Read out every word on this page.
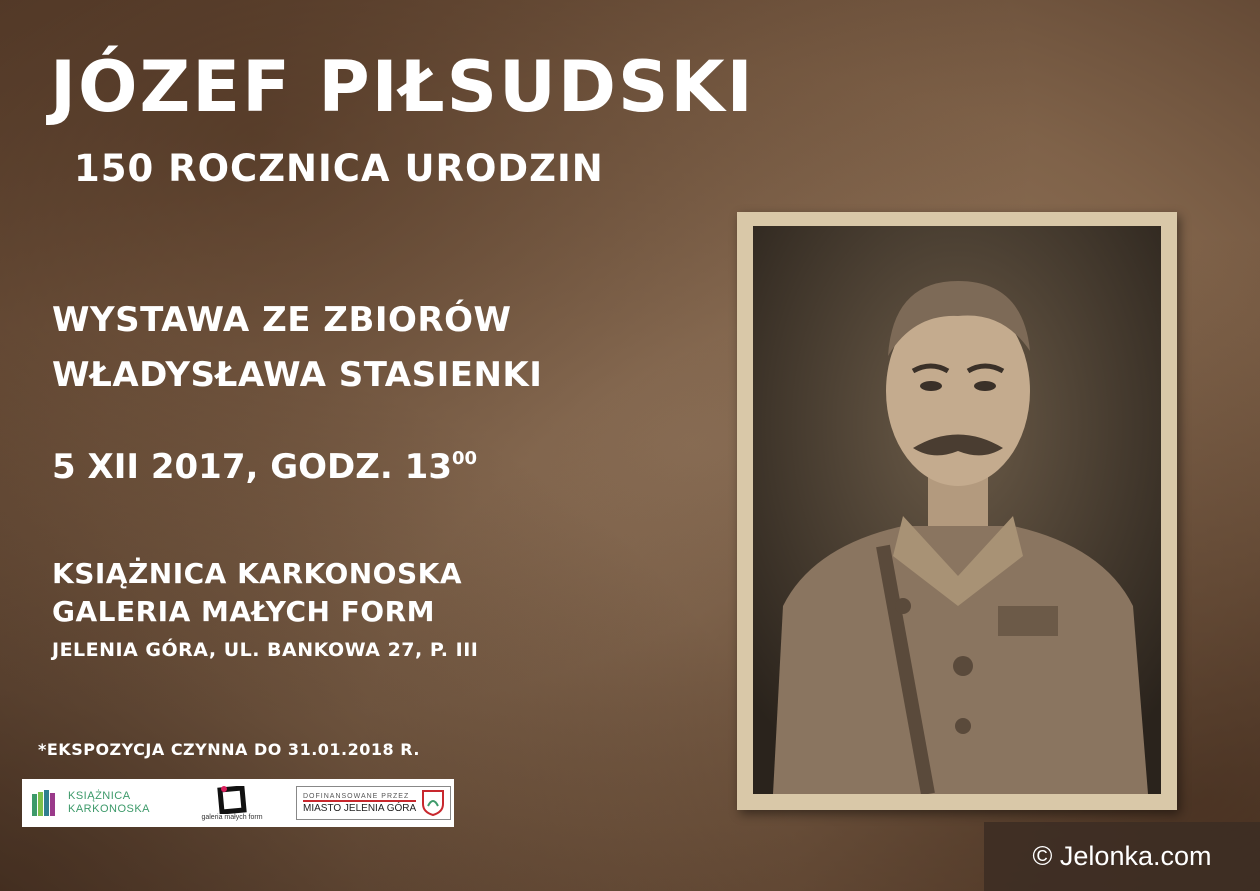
JÓZEF PIŁSUDSKI
150 ROCZNICA URODZIN
WYSTAWA ZE ZBIORÓW
WŁADYSŁAWA STASIENKI
5 XII 2017, GODZ. $13^{00}$
KSIĄŻNICA KARKONOSKA
GALERIA MAŁYCH FORM
JELENIA GÓRA, UL. BANKOWA 27, P. III
*EKSPOZYCJA CZYNNA DO 31.01.2018 R.
KSIĄŻNICA
KARKONOSKA
galeria małych form
DOFINANSOWANE PRZEZ
MIASTO JELENIA GÓRA
© Jelonka.com
